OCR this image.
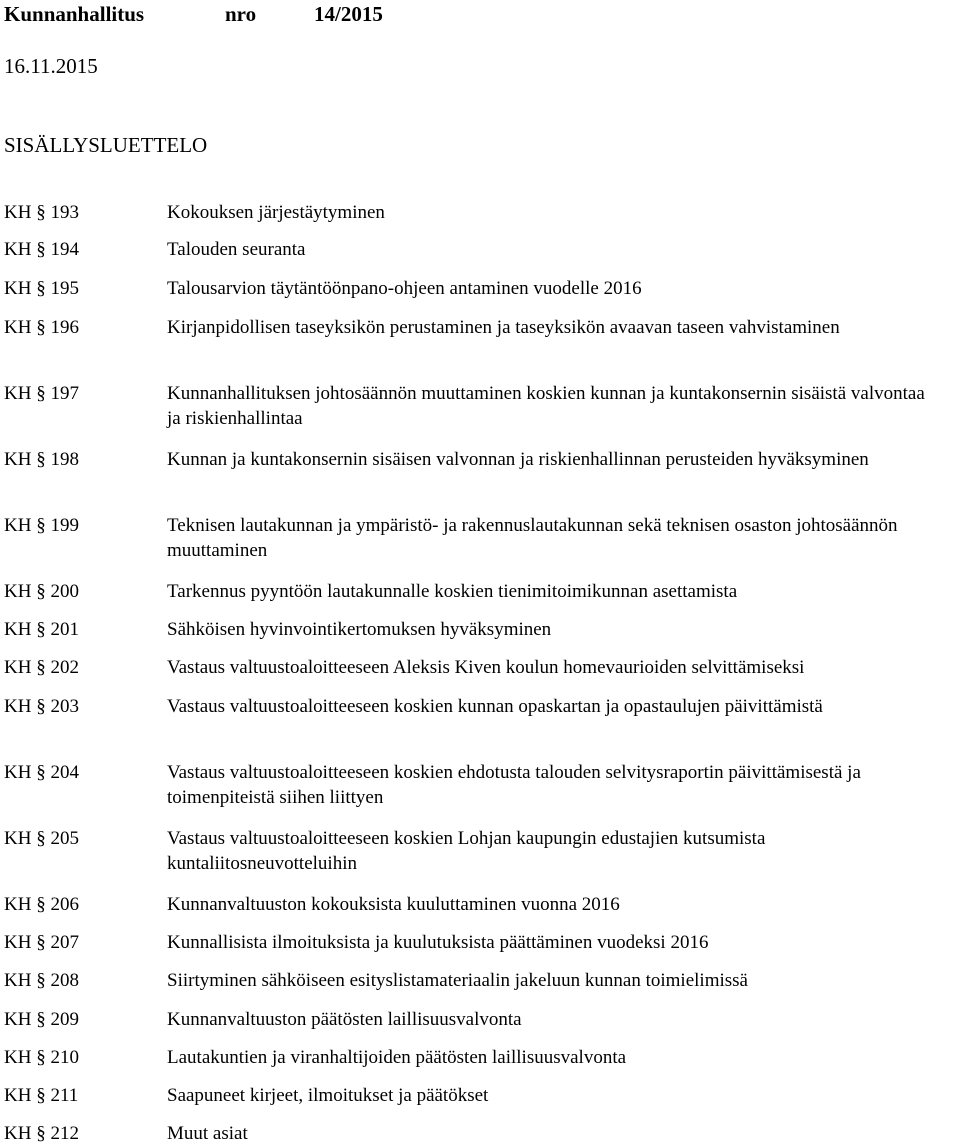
Kunnanhallitus	nro	14/2015
16.11.2015
SISÄLLYSLUETTELO
KH § 193	Kokouksen järjestäytyminen
KH § 194	Talouden seuranta
KH § 195	Talousarvion täytäntöönpano-ohjeen antaminen vuodelle 2016
KH § 196	Kirjanpidollisen taseyksikön perustaminen ja taseyksikön avaavan taseen vahvistaminen
KH § 197	Kunnanhallituksen johtosäännön muuttaminen koskien kunnan ja kuntakonsernin sisäistä valvontaa ja riskienhallintaa
KH § 198	Kunnan ja kuntakonsernin sisäisen valvonnan ja riskienhallinnan perusteiden hyväksyminen
KH § 199	Teknisen lautakunnan ja ympäristö- ja rakennuslautakunnan sekä teknisen osaston johtosäännön muuttaminen
KH § 200	Tarkennus pyyntöön lautakunnalle koskien tienimitoimikunnan asettamista
KH § 201	Sähköisen hyvinvointikertomuksen hyväksyminen
KH § 202	Vastaus valtuustoaloitteeseen Aleksis Kiven koulun homevaurioiden selvittämiseksi
KH § 203	Vastaus valtuustoaloitteeseen koskien kunnan opaskartan ja opastaulujen päivittämistä
KH § 204	Vastaus valtuustoaloitteeseen koskien ehdotusta talouden selvitysraportin päivittämisestä ja toimenpiteistä siihen liittyen
KH § 205	Vastaus valtuustoaloitteeseen koskien Lohjan kaupungin edustajien kutsumista kuntaliitosneuvotteluihin
KH § 206	Kunnanvaltuuston kokouksista kuuluttaminen vuonna 2016
KH § 207	Kunnallisista ilmoituksista ja kuulutuksista päättäminen vuodeksi 2016
KH § 208	Siirtyminen sähköiseen esityslistamateriaalin jakeluun kunnan toimielimissä
KH § 209	Kunnanvaltuuston päätösten laillisuusvalvonta
KH § 210	Lautakuntien ja viranhaltijoiden päätösten laillisuusvalvonta
KH § 211	Saapuneet kirjeet, ilmoitukset ja päätökset
KH § 212	Muut asiat
